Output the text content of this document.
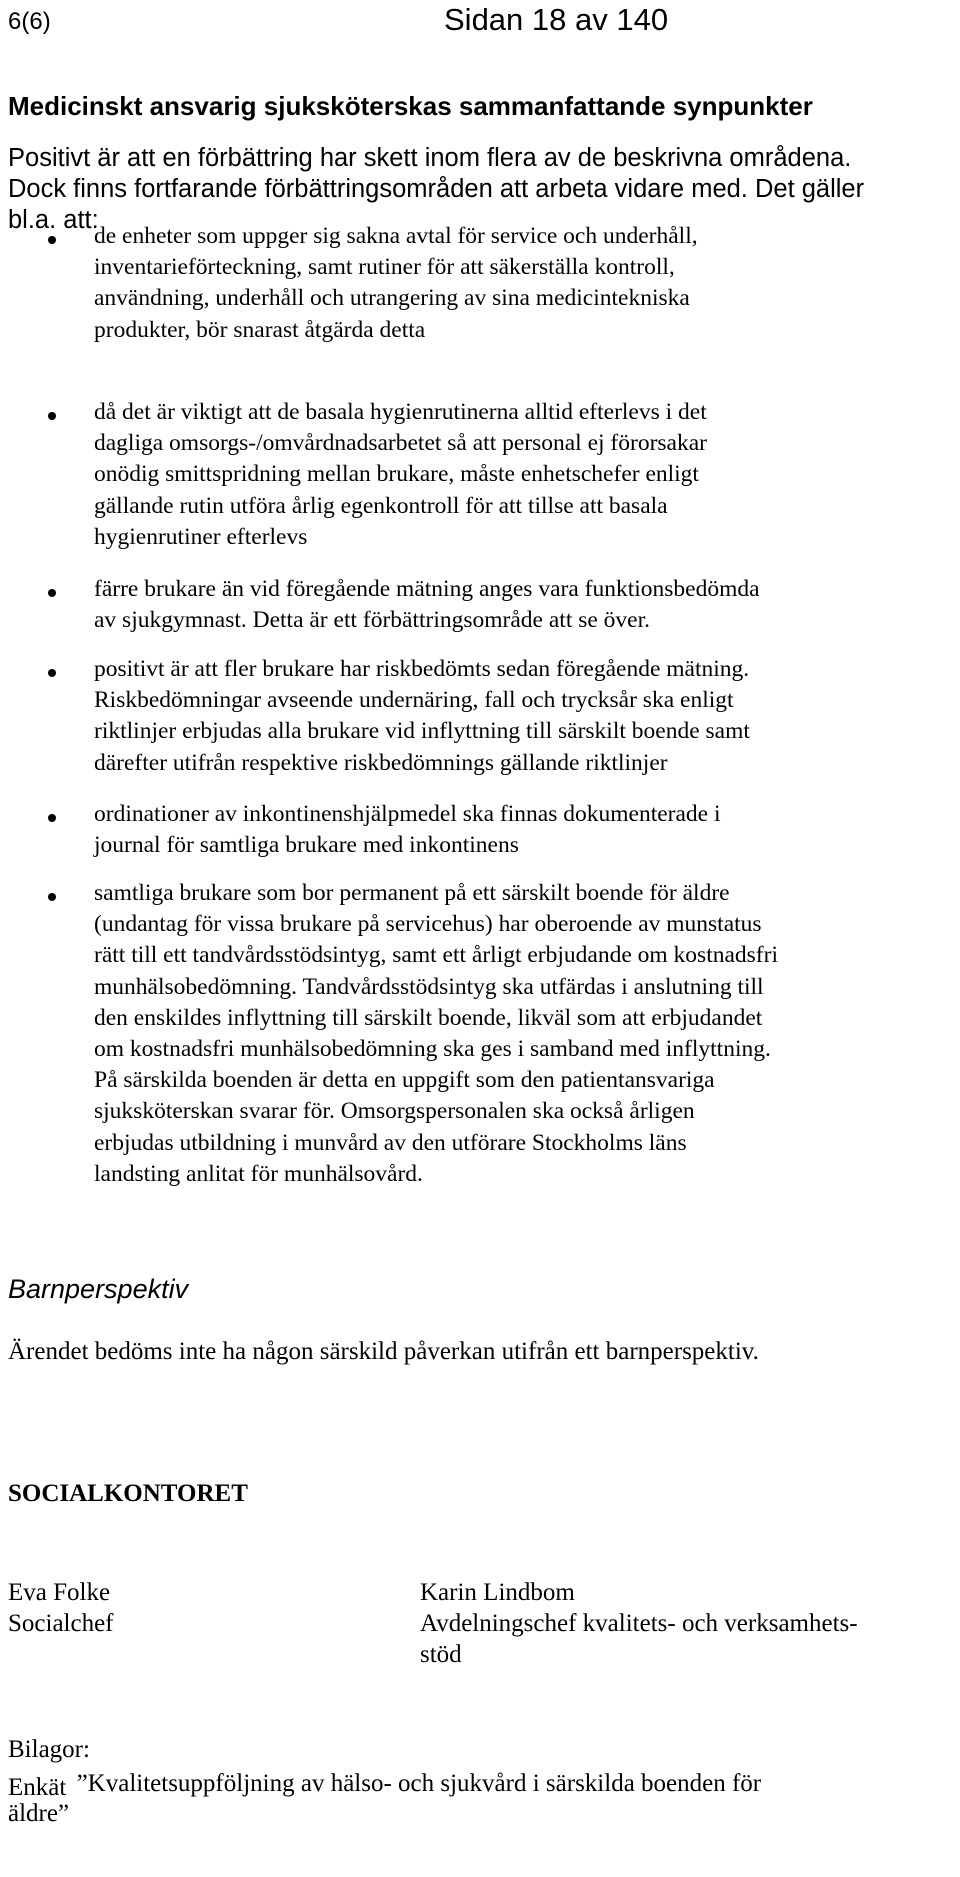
6(6)	Sidan 18 av 140
Medicinskt ansvarig sjuksköterskas sammanfattande synpunkter
Positivt är att en förbättring har skett inom flera av de beskrivna områdena.
Dock finns fortfarande förbättringsområden att arbeta vidare med. Det gäller
bl.a. att:
de enheter som uppger sig sakna avtal för service och underhåll,
inventarieförteckning, samt rutiner för att säkerställa kontroll,
användning, underhåll och utrangering av sina medicintekniska
produkter, bör snarast åtgärda detta
då det är viktigt att de basala hygienrutinerna alltid efterlevs i det
dagliga omsorgs-/omvårdnadsarbetet så att personal ej förorsakar
onödig smittspridning mellan brukare, måste enhetschefer enligt
gällande rutin utföra årlig egenkontroll för att tillse att basala
hygienrutiner efterlevs
färre brukare än vid föregående mätning anges vara funktionsbedömda
av sjukgymnast. Detta är ett förbättringsområde att se över.
positivt är att fler brukare har riskbedömts sedan föregående mätning.
Riskbedömningar avseende undernäring, fall och trycksår ska enligt
riktlinjer erbjudas alla brukare vid inflyttning till särskilt boende samt
därefter utifrån respektive riskbedömnings gällande riktlinjer
ordinationer av inkontinenshjälpmedel ska finnas dokumenterade i
journal för samtliga brukare med inkontinens
samtliga brukare som bor permanent på ett särskilt boende för äldre
(undantag för vissa brukare på servicehus) har oberoende av munstatus
rätt till ett tandvårdsstödsintyg, samt ett årligt erbjudande om kostnadsfri
munhälsobedömning. Tandvårdsstödsintyg ska utfärdas i anslutning till
den enskildes inflyttning till särskilt boende, likväl som att erbjudandet
om kostnadsfri munhälsobedömning ska ges i samband med inflyttning.
På särskilda boenden är detta en uppgift som den patientansvariga
sjuksköterskan svarar för. Omsorgspersonalen ska också årligen
erbjudas utbildning i munvård av den utförare Stockholms läns
landsting anlitat för munhälsovård.
Barnperspektiv
Ärendet bedöms inte ha någon särskild påverkan utifrån ett barnperspektiv.
SOCIALKONTORET
Eva Folke
Socialchef
Karin Lindbom
Avdelningschef kvalitets- och verksamhets-
stöd
Bilagor:
Enkät ”Kvalitetsuppföljning av hälso- och sjukvård i särskilda boenden för
äldre”
